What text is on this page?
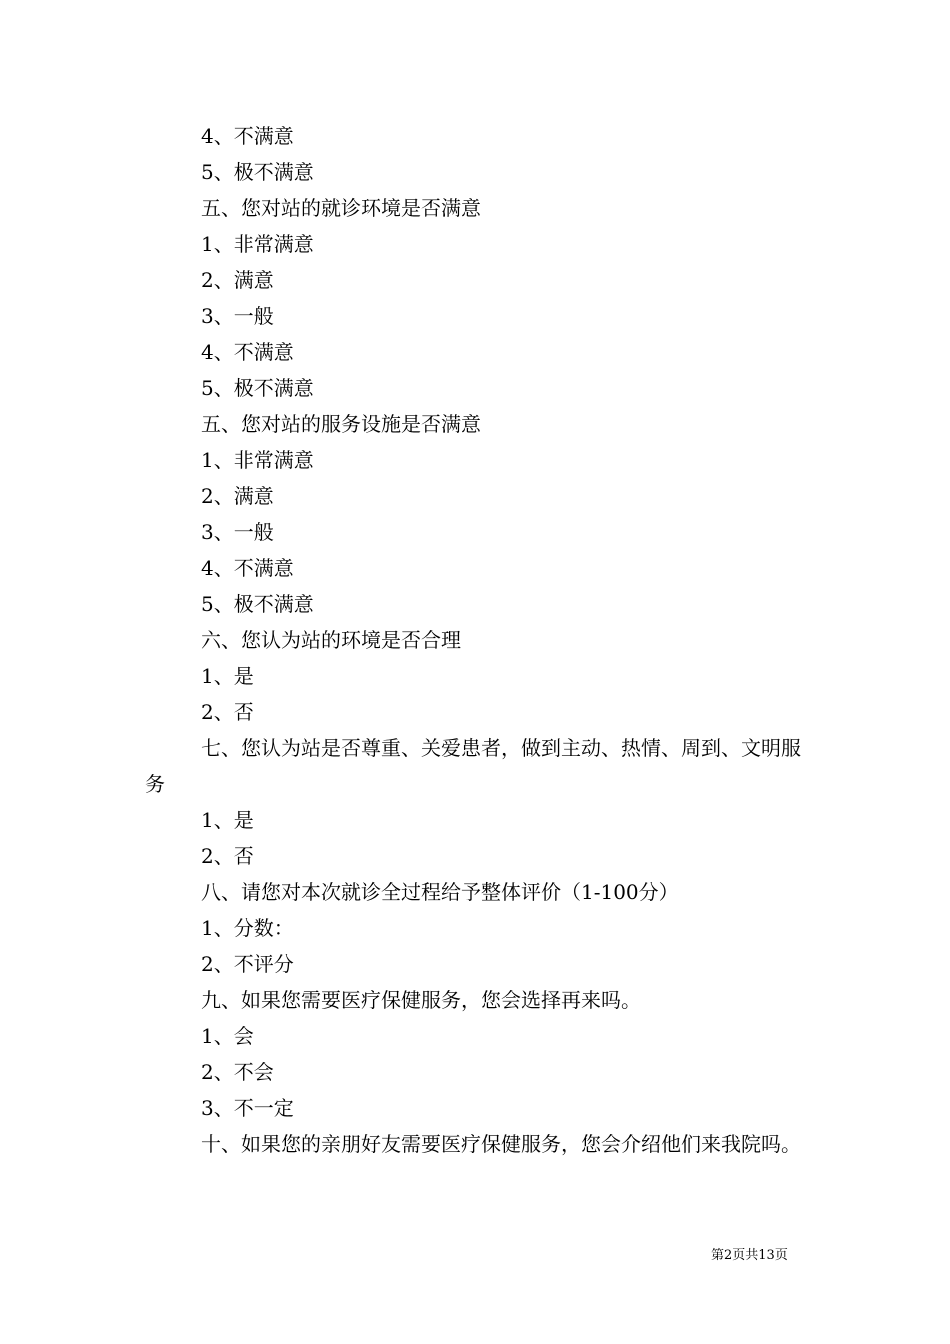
4、不满意
5、极不满意
五、您对站的就诊环境是否满意
1、非常满意
2、满意
3、一般
4、不满意
5、极不满意
五、您对站的服务设施是否满意
1、非常满意
2、满意
3、一般
4、不满意
5、极不满意
六、您认为站的环境是否合理
1、是
2、否
七、您认为站是否尊重、关爱患者，做到主动、热情、周到、文明服务
1、是
2、否
八、请您对本次就诊全过程给予整体评价（1-100分）
1、分数：
2、不评分
九、如果您需要医疗保健服务，您会选择再来吗。
1、会
2、不会
3、不一定
十、如果您的亲朋好友需要医疗保健服务，您会介绍他们来我院吗。
第2页共13页
